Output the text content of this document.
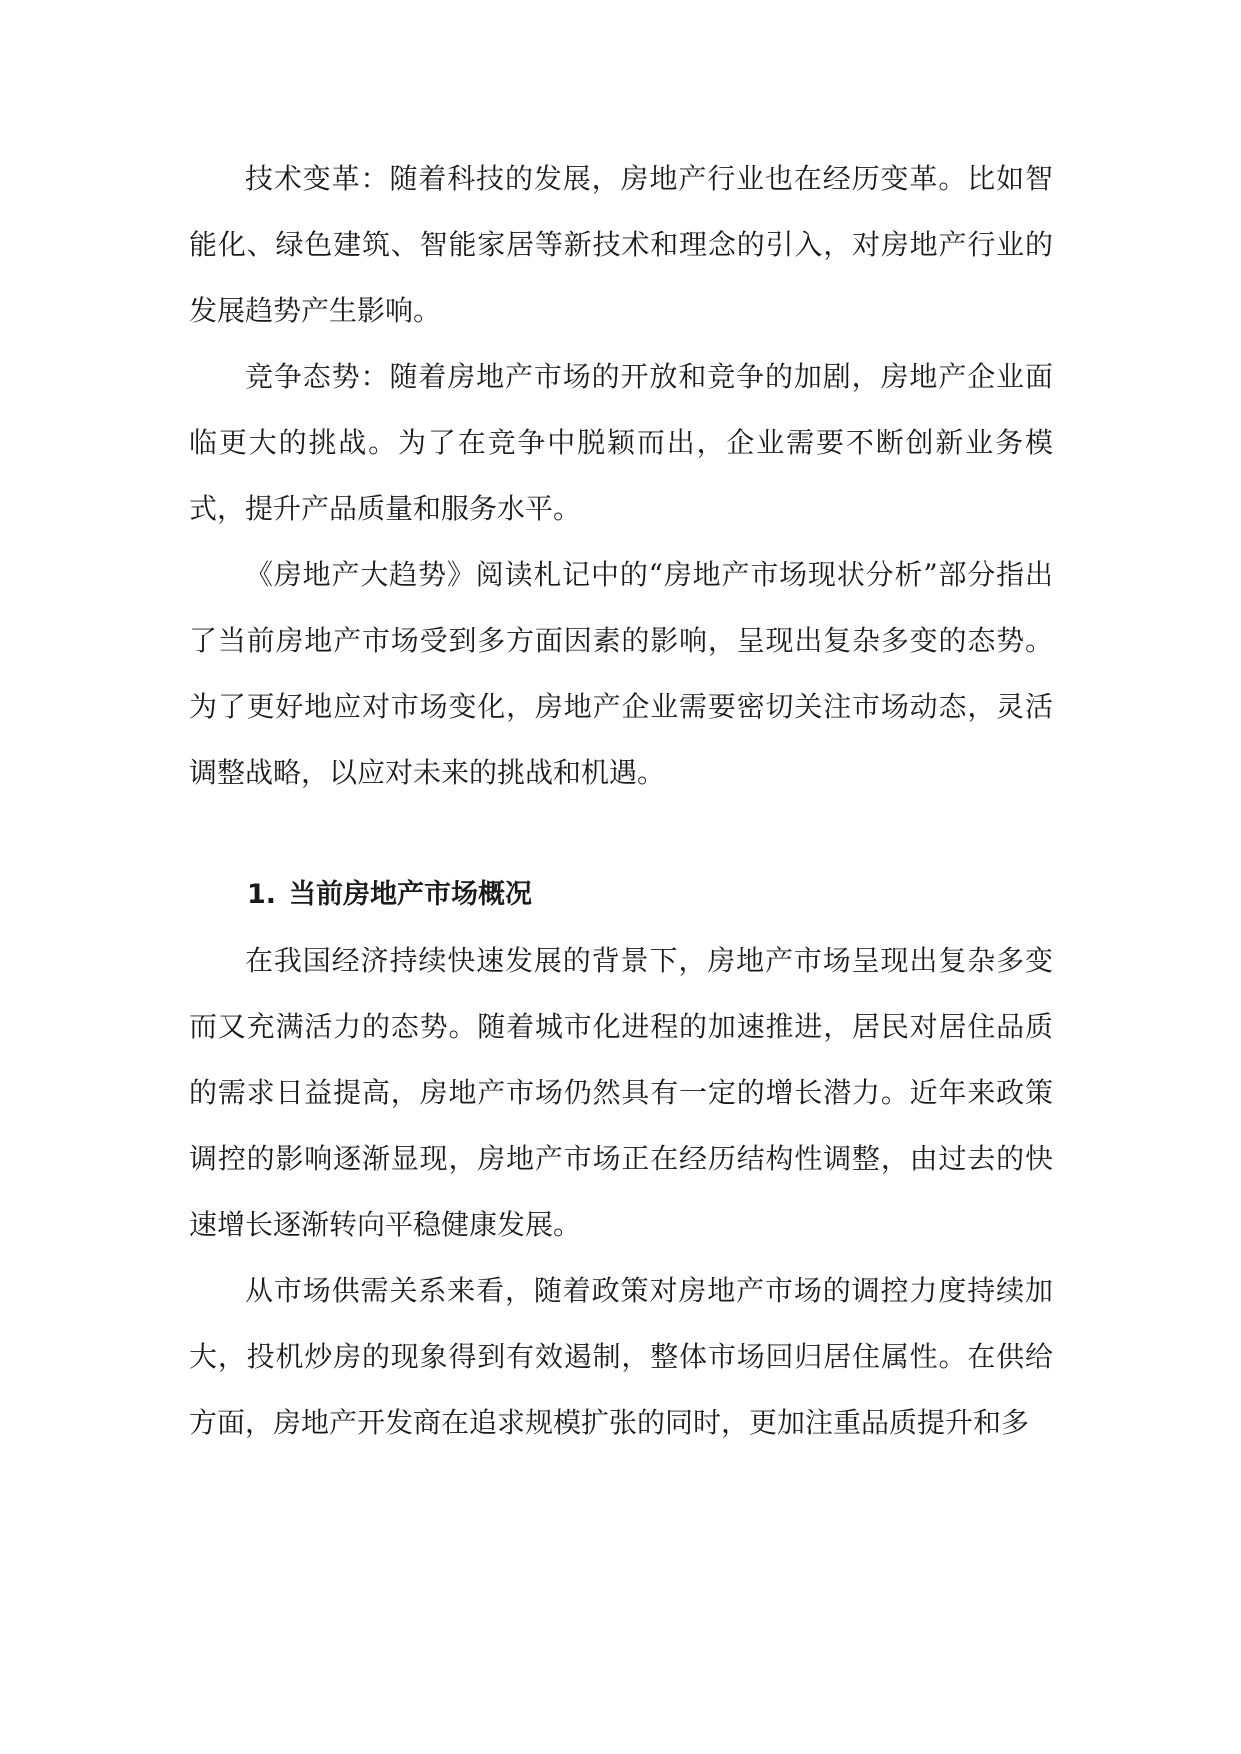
技术变革：随着科技的发展，房地产行业也在经历变革。比如智能化、绿色建筑、智能家居等新技术和理念的引入，对房地产行业的发展趋势产生影响。

竞争态势：随着房地产市场的开放和竞争的加剧，房地产企业面临更大的挑战。为了在竞争中脱颖而出，企业需要不断创新业务模式，提升产品质量和服务水平。

《房地产大趋势》阅读札记中的“房地产市场现状分析”部分指出了当前房地产市场受到多方面因素的影响，呈现出复杂多变的态势。为了更好地应对市场变化，房地产企业需要密切关注市场动态，灵活调整战略，以应对未来的挑战和机遇。

1. 当前房地产市场概况

在我国经济持续快速发展的背景下，房地产市场呈现出复杂多变而又充满活力的态势。随着城市化进程的加速推进，居民对居住品质的需求日益提高，房地产市场仍然具有一定的增长潜力。近年来政策调控的影响逐渐显现，房地产市场正在经历结构性调整，由过去的快速增长逐渐转向平稳健康发展。

从市场供需关系来看，随着政策对房地产市场的调控力度持续加大，投机炒房的现象得到有效遏制，整体市场回归居住属性。在供给方面，房地产开发商在追求规模扩张的同时，更加注重品质提升和多
